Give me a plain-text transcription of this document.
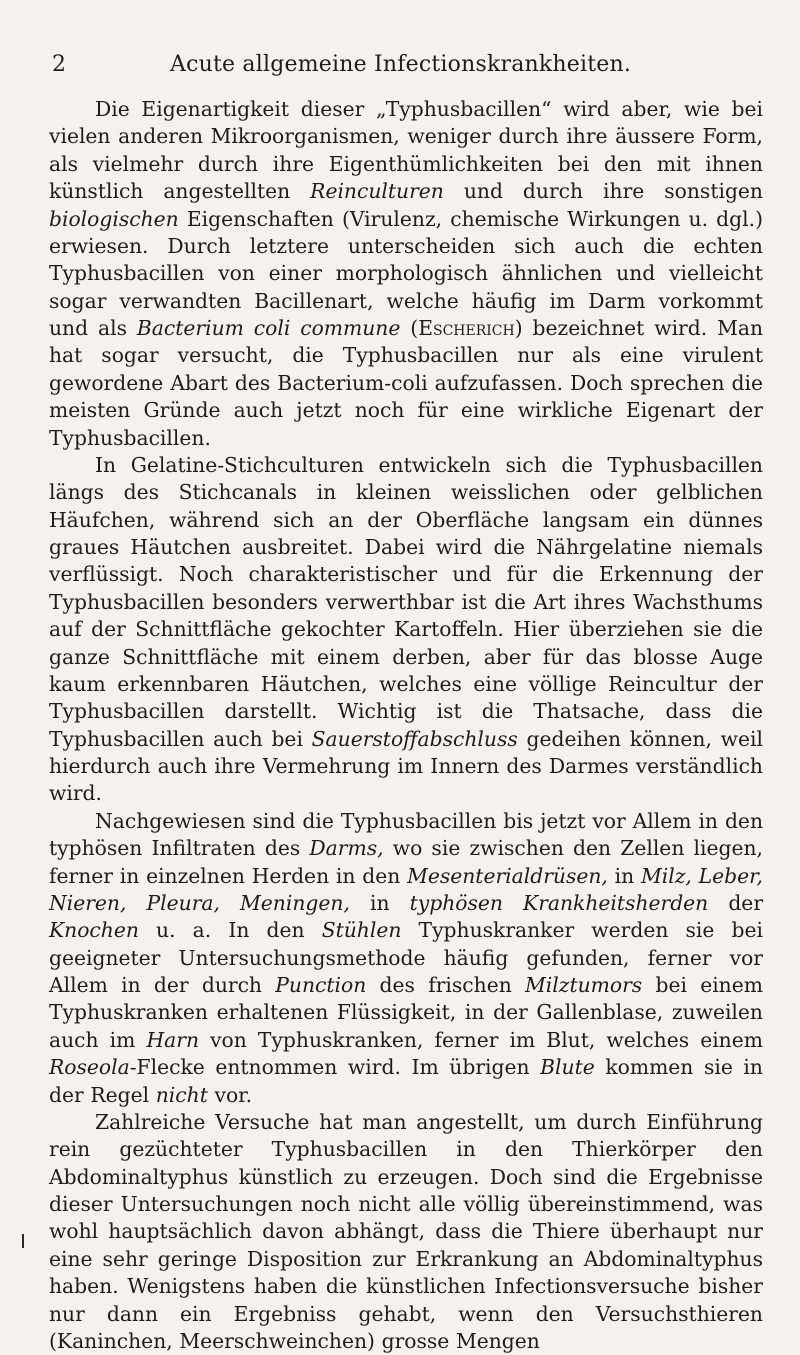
2	Acute allgemeine Infectionskrankheiten.

Die Eigenartigkeit dieser „Typhusbacillen“ wird aber, wie bei vielen anderen Mikroorganismen, weniger durch ihre äussere Form, als vielmehr durch ihre Eigenthümlichkeiten bei den mit ihnen künstlich angestellten Reinculturen und durch ihre sonstigen biologischen Eigenschaften (Virulenz, chemische Wirkungen u. dgl.) erwiesen. Durch letztere unterscheiden sich auch die echten Typhusbacillen von einer morphologisch ähnlichen und vielleicht sogar verwandten Bacillenart, welche häufig im Darm vorkommt und als Bacterium coli commune (Escherich) bezeichnet wird. Man hat sogar versucht, die Typhusbacillen nur als eine virulent gewordene Abart des Bacterium-coli aufzufassen. Doch sprechen die meisten Gründe auch jetzt noch für eine wirkliche Eigenart der Typhusbacillen.

In Gelatine-Stichculturen entwickeln sich die Typhusbacillen längs des Stichcanals in kleinen weisslichen oder gelblichen Häufchen, während sich an der Oberfläche langsam ein dünnes graues Häutchen ausbreitet. Dabei wird die Nährgelatine niemals verflüssigt. Noch charakteristischer und für die Erkennung der Typhusbacillen besonders verwerthbar ist die Art ihres Wachsthums auf der Schnittfläche gekochter Kartoffeln. Hier überziehen sie die ganze Schnittfläche mit einem derben, aber für das blosse Auge kaum erkennbaren Häutchen, welches eine völlige Reincultur der Typhusbacillen darstellt. Wichtig ist die Thatsache, dass die Typhusbacillen auch bei Sauerstoffabschluss gedeihen können, weil hierdurch auch ihre Vermehrung im Innern des Darmes verständlich wird.

Nachgewiesen sind die Typhusbacillen bis jetzt vor Allem in den typhösen Infiltraten des Darms, wo sie zwischen den Zellen liegen, ferner in einzelnen Herden in den Mesenterialdrüsen, in Milz, Leber, Nieren, Pleura, Meningen, in typhösen Krankheitsherden der Knochen u. a. In den Stühlen Typhuskranker werden sie bei geeigneter Untersuchungsmethode häufig gefunden, ferner vor Allem in der durch Punction des frischen Milztumors bei einem Typhuskranken erhaltenen Flüssigkeit, in der Gallenblase, zuweilen auch im Harn von Typhuskranken, ferner im Blut, welches einem Roseola-Flecke entnommen wird. Im übrigen Blute kommen sie in der Regel nicht vor.

Zahlreiche Versuche hat man angestellt, um durch Einführung rein gezüchteter Typhusbacillen in den Thierkörper den Abdominaltyphus künstlich zu erzeugen. Doch sind die Ergebnisse dieser Untersuchungen noch nicht alle völlig übereinstimmend, was wohl hauptsächlich davon abhängt, dass die Thiere überhaupt nur eine sehr geringe Disposition zur Erkrankung an Abdominaltyphus haben. Wenigstens haben die künstlichen Infectionsversuche bisher nur dann ein Ergebniss gehabt, wenn den Versuchsthieren (Kaninchen, Meerschweinchen) grosse Mengen
